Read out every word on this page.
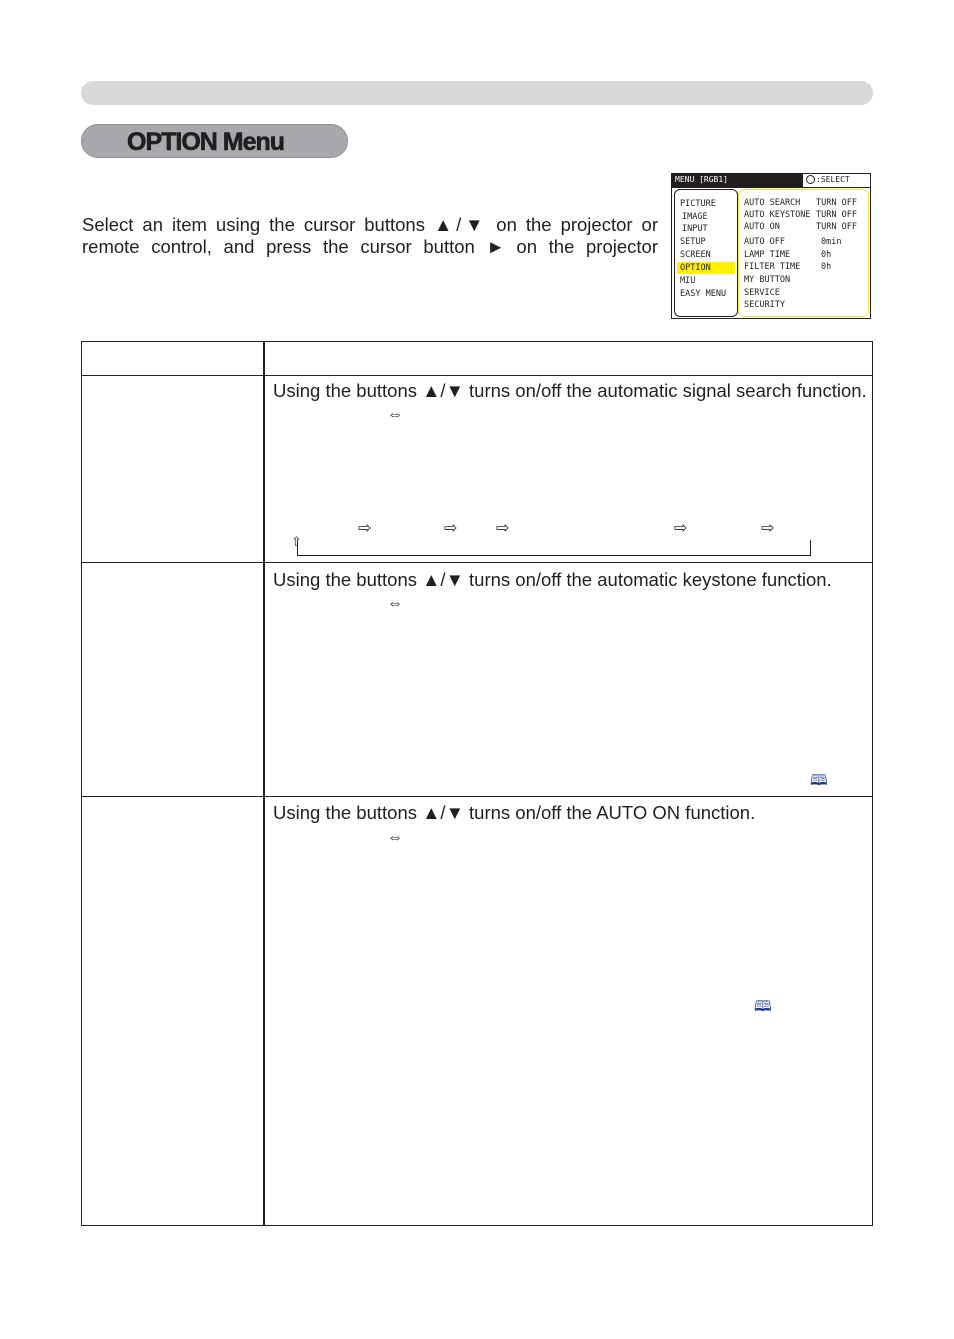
OPTION Menu
Select an item using the cursor buttons ▲/▼ on the projector or
remote control, and press the cursor button ► on the projector
MENU [RGB1]	:SELECT
PICTURE
IMAGE
INPUT
SETUP
SCREEN
OPTION
MIU
EASY MENU
AUTO SEARCH TURN OFF
AUTO KEYSTONE TURN OFF
AUTO ON	TURN OFF
AUTO OFF	0min
LAMP TIME	0h
FILTER TIME 0h
MY BUTTON
SERVICE
SECURITY
Using the buttons ▲/▼ turns on/off the automatic signal search function.
⇔
⇨	⇨ ⇨	⇨	⇨
⇧
Using the buttons ▲/▼ turns on/off the automatic keystone function.
⇔
🕮
Using the buttons ▲/▼ turns on/off the AUTO ON function.
⇔
🕮
